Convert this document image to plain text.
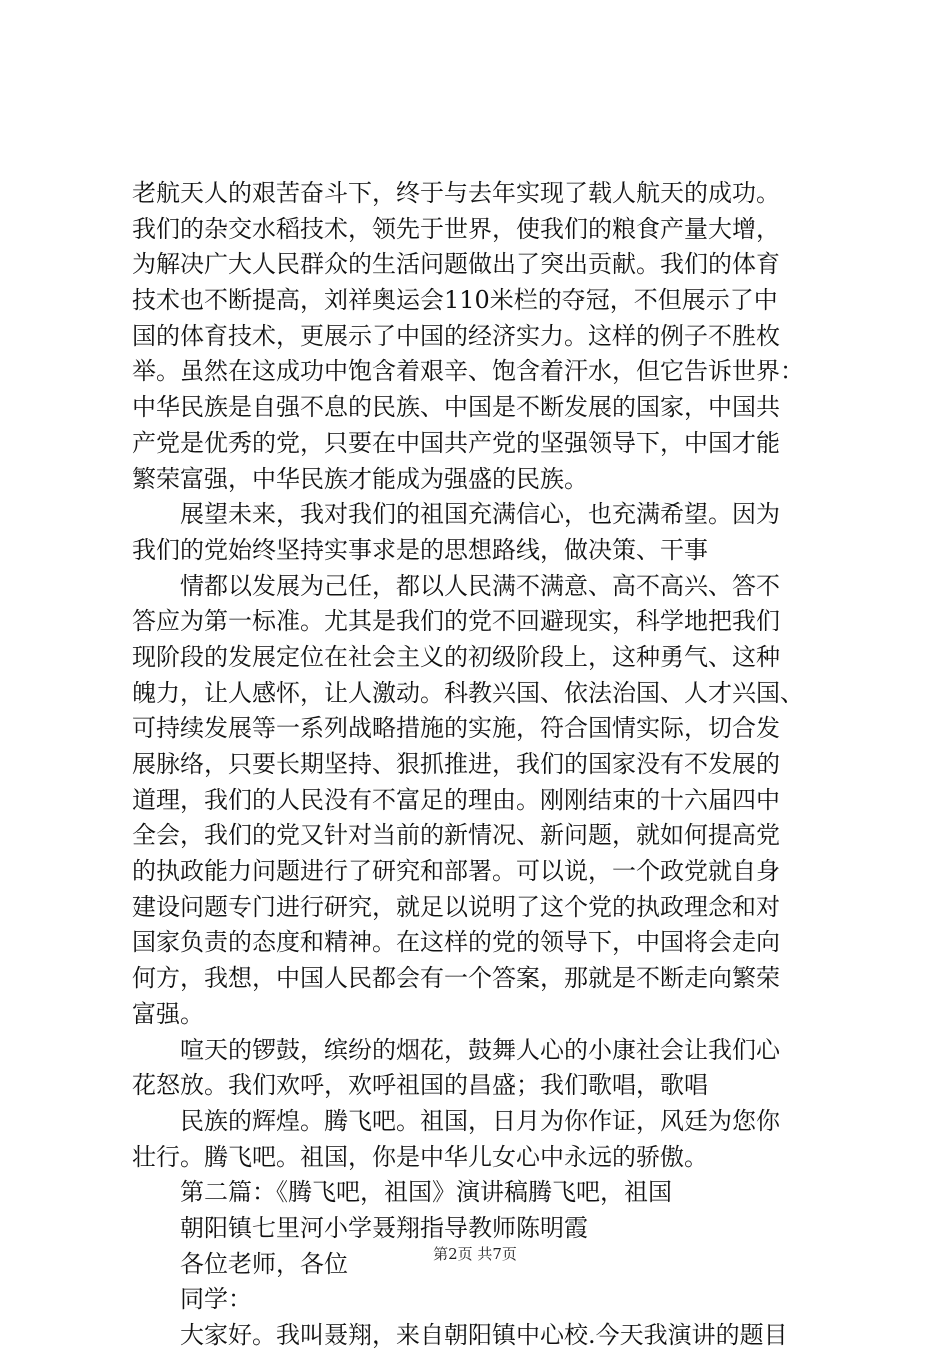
老航天人的艰苦奋斗下，终于与去年实现了载人航天的成功。
我们的杂交水稻技术，领先于世界，使我们的粮食产量大增，
为解决广大人民群众的生活问题做出了突出贡献。我们的体育
技术也不断提高，刘祥奥运会110米栏的夺冠，不但展示了中
国的体育技术，更展示了中国的经济实力。这样的例子不胜枚
举。虽然在这成功中饱含着艰辛、饱含着汗水，但它告诉世界：
中华民族是自强不息的民族、中国是不断发展的国家，中国共
产党是优秀的党，只要在中国共产党的坚强领导下，中国才能
繁荣富强，中华民族才能成为强盛的民族。
展望未来，我对我们的祖国充满信心，也充满希望。因为
我们的党始终坚持实事求是的思想路线，做决策、干事
情都以发展为己任，都以人民满不满意、高不高兴、答不
答应为第一标准。尤其是我们的党不回避现实，科学地把我们
现阶段的发展定位在社会主义的初级阶段上，这种勇气、这种
魄力，让人感怀，让人激动。科教兴国、依法治国、人才兴国、
可持续发展等一系列战略措施的实施，符合国情实际，切合发
展脉络，只要长期坚持、狠抓推进，我们的国家没有不发展的
道理，我们的人民没有不富足的理由。刚刚结束的十六届四中
全会，我们的党又针对当前的新情况、新问题，就如何提高党
的执政能力问题进行了研究和部署。可以说，一个政党就自身
建设问题专门进行研究，就足以说明了这个党的执政理念和对
国家负责的态度和精神。在这样的党的领导下，中国将会走向
何方，我想，中国人民都会有一个答案，那就是不断走向繁荣
富强。
喧天的锣鼓，缤纷的烟花，鼓舞人心的小康社会让我们心
花怒放。我们欢呼，欢呼祖国的昌盛；我们歌唱，歌唱
民族的辉煌。腾飞吧。祖国，日月为你作证，风廷为您你
壮行。腾飞吧。祖国，你是中华儿女心中永远的骄傲。
第二篇：《腾飞吧，祖国》演讲稿腾飞吧，祖国
朝阳镇七里河小学聂翔指导教师陈明霞
各位老师，各位
同学：
大家好。我叫聂翔，来自朝阳镇中心校.今天我演讲的题目
第2页 共7页
